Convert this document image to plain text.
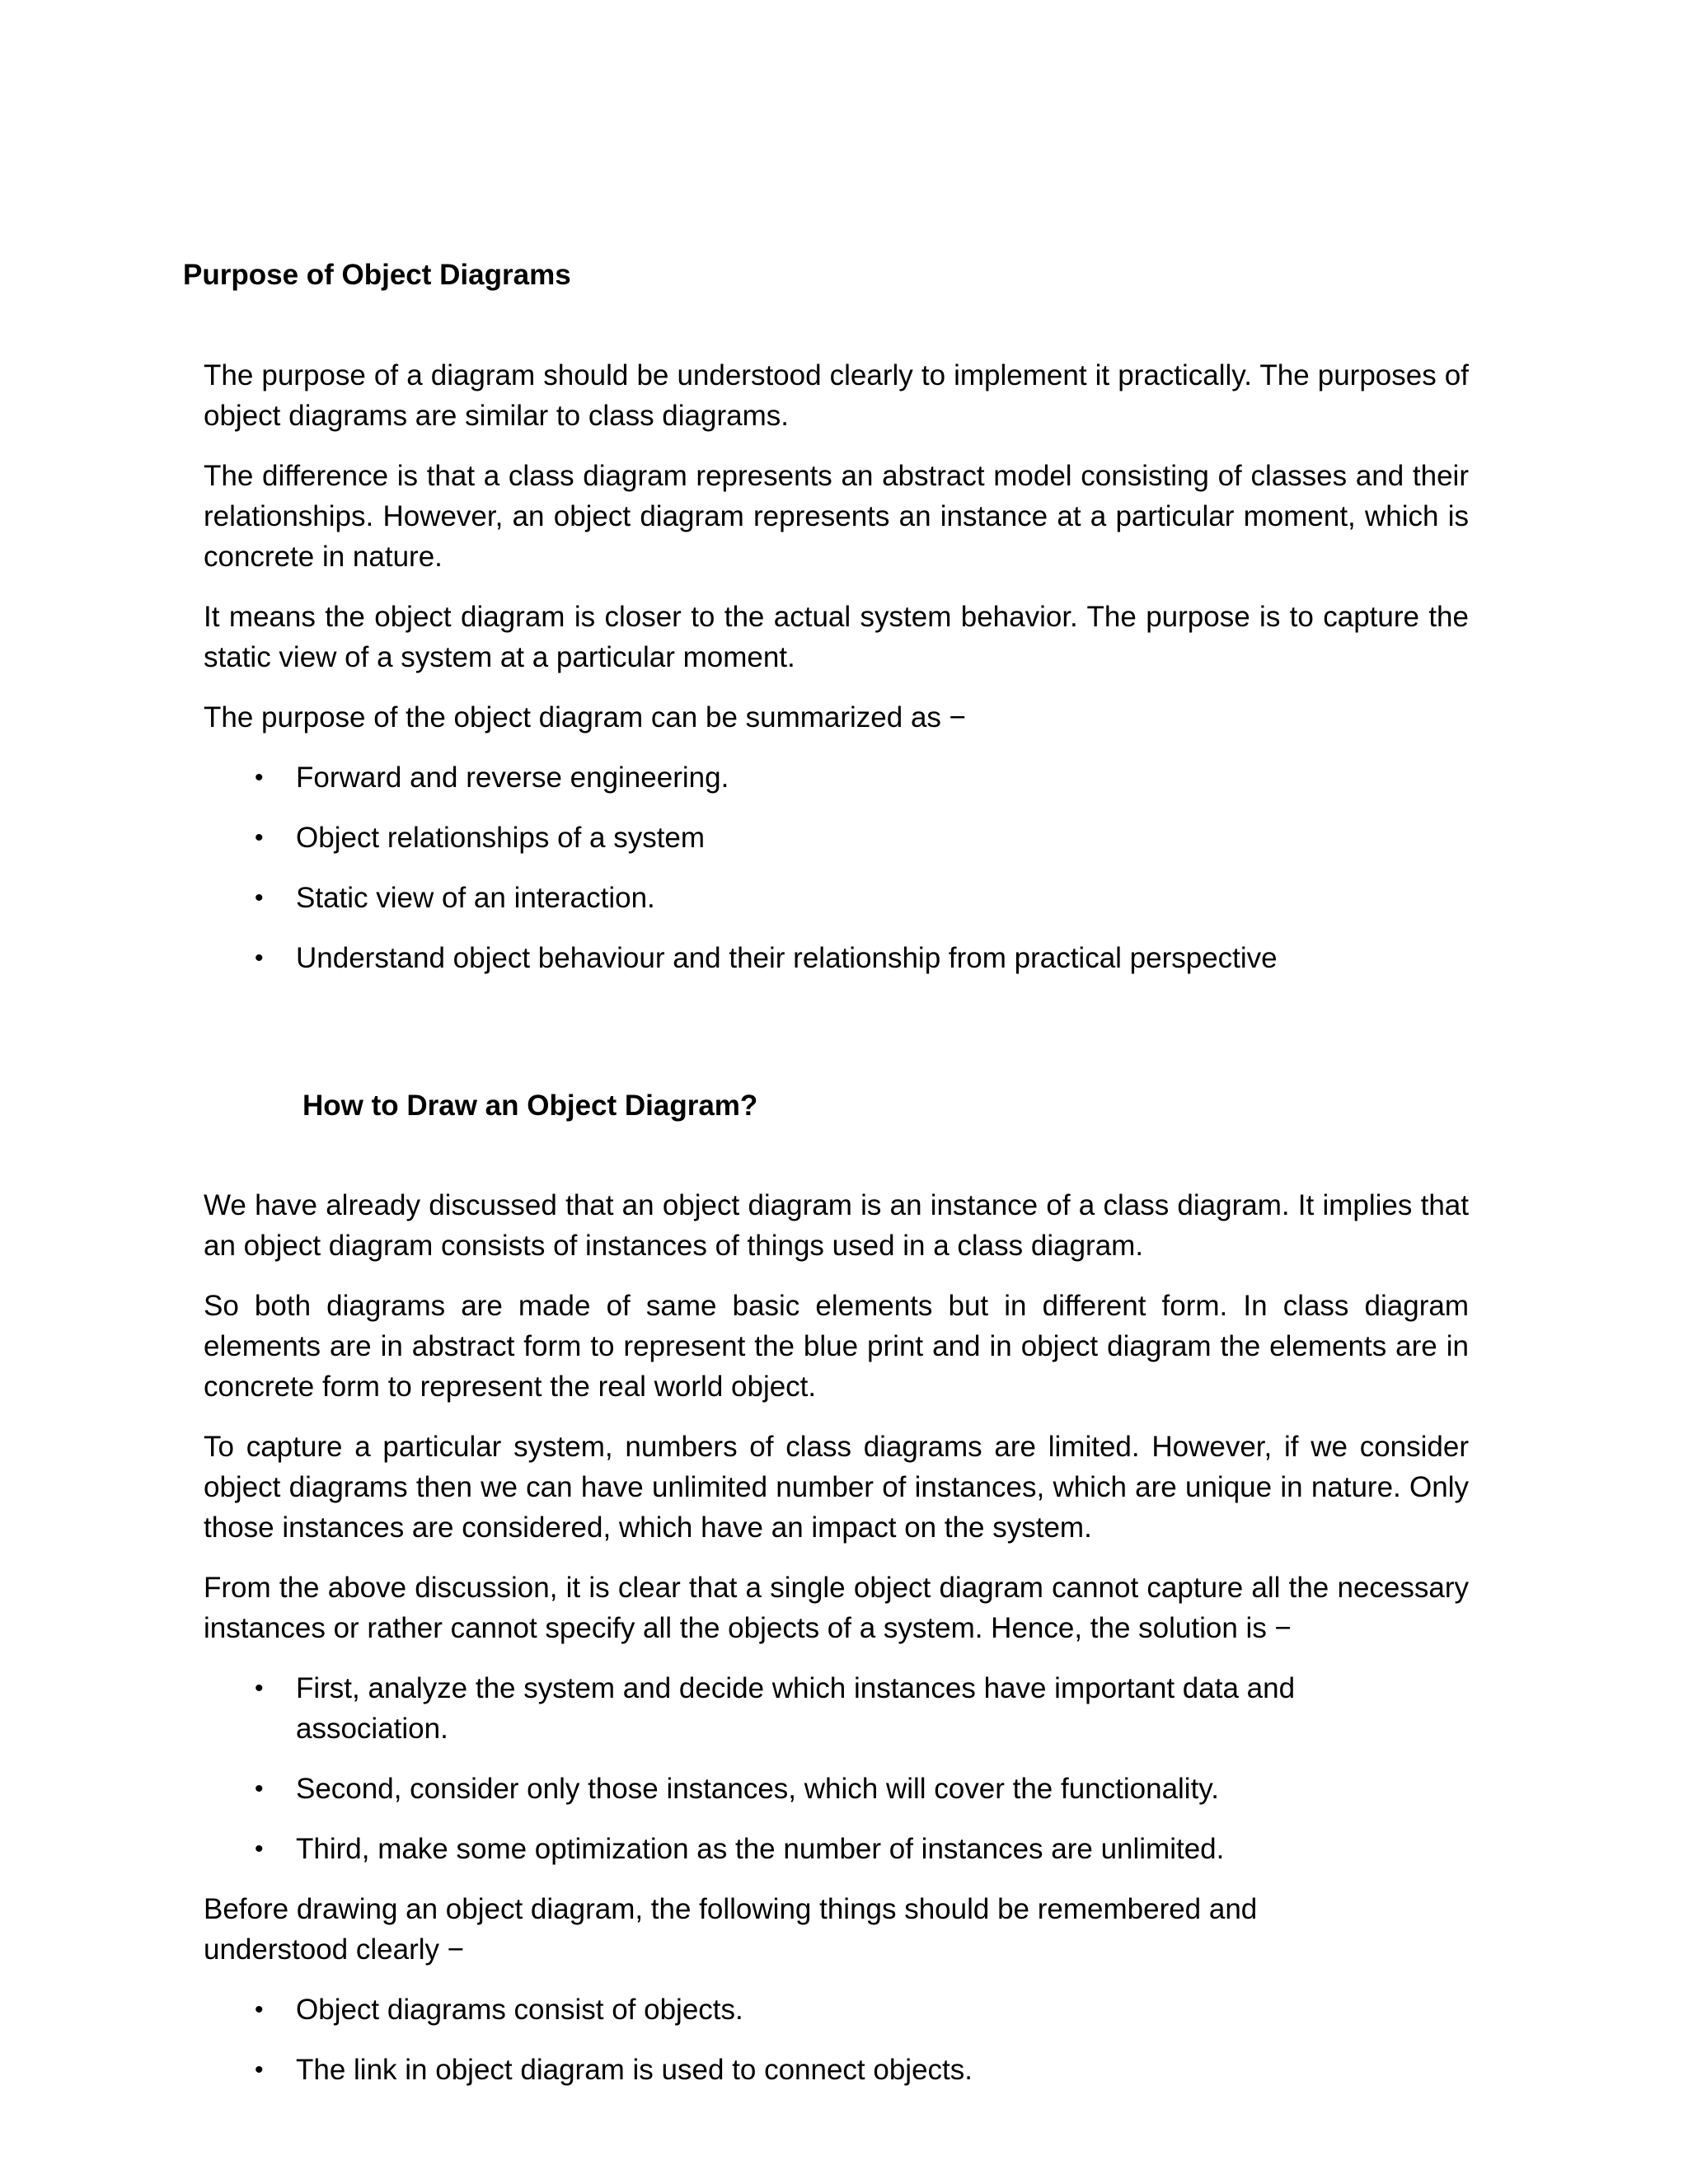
Purpose of Object Diagrams

The purpose of a diagram should be understood clearly to implement it practically. The purposes of object diagrams are similar to class diagrams.

The difference is that a class diagram represents an abstract model consisting of classes and their relationships. However, an object diagram represents an instance at a particular moment, which is concrete in nature.

It means the object diagram is closer to the actual system behavior. The purpose is to capture the static view of a system at a particular moment.

The purpose of the object diagram can be summarized as −

• Forward and reverse engineering.
• Object relationships of a system
• Static view of an interaction.
• Understand object behaviour and their relationship from practical perspective
How to Draw an Object Diagram?

We have already discussed that an object diagram is an instance of a class diagram. It implies that an object diagram consists of instances of things used in a class diagram.

So both diagrams are made of same basic elements but in different form. In class diagram elements are in abstract form to represent the blue print and in object diagram the elements are in concrete form to represent the real world object.

To capture a particular system, numbers of class diagrams are limited. However, if we consider object diagrams then we can have unlimited number of instances, which are unique in nature. Only those instances are considered, which have an impact on the system.

From the above discussion, it is clear that a single object diagram cannot capture all the necessary instances or rather cannot specify all the objects of a system. Hence, the solution is −

• First, analyze the system and decide which instances have important data and association.
• Second, consider only those instances, which will cover the functionality.
• Third, make some optimization as the number of instances are unlimited.

Before drawing an object diagram, the following things should be remembered and understood clearly −

• Object diagrams consist of objects.
• The link in object diagram is used to connect objects.
